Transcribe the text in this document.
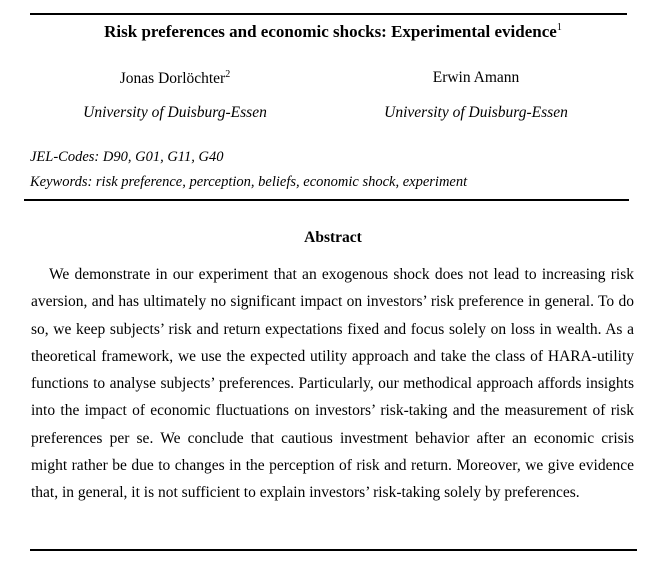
Risk preferences and economic shocks: Experimental evidence$^1$
Jonas Dorlöchter$^2$	Erwin Amann
University of Duisburg-Essen	University of Duisburg-Essen
JEL-Codes: D90, G01, G11, G40
Keywords: risk preference, perception, beliefs, economic shock, experiment
Abstract
We demonstrate in our experiment that an exogenous shock does not lead to increasing risk aversion, and has ultimately no significant impact on investors’ risk preference in general. To do so, we keep subjects’ risk and return expectations fixed and focus solely on loss in wealth. As a theoretical framework, we use the expected utility approach and take the class of HARA-utility functions to analyse subjects’ preferences. Particularly, our methodical approach affords insights into the impact of economic fluctuations on investors’ risk-taking and the measurement of risk preferences per se. We conclude that cautious investment behavior after an economic crisis might rather be due to changes in the perception of risk and return. Moreover, we give evidence that, in general, it is not sufficient to explain investors’ risk-taking solely by preferences.
